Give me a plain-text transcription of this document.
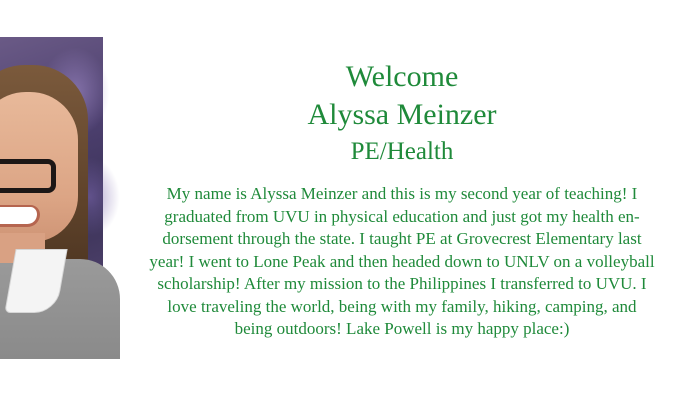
Welcome
Alyssa Meinzer
PE/Health

My name is Alyssa Meinzer and this is my second year of teaching! I
graduated from UVU in physical education and just got my health en-
dorsement through the state. I taught PE at Grovecrest Elementary last
year! I went to Lone Peak and then headed down to UNLV on a volleyball
scholarship! After my mission to the Philippines I transferred to UVU. I
love traveling the world, being with my family, hiking, camping, and
being outdoors! Lake Powell is my happy place:)
